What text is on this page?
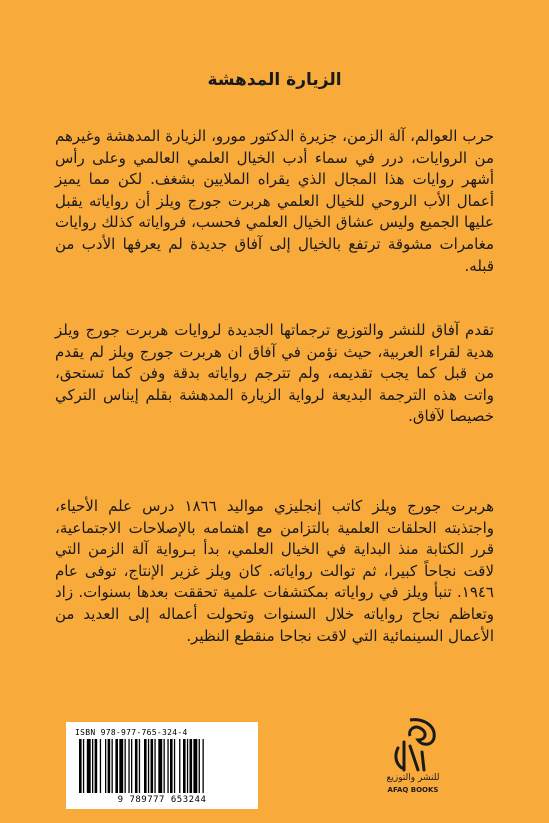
الزيارة المدهشة
حرب العوالم، آلة الزمن، جزيرة الدكتور مورو، الزيارة المدهشة وغيرهم من الروايات، درر في سماء أدب الخيال العلمي العالمي وعلى رأس أشهر روايات هذا المجال الذي يقراه الملايين بشغف. لكن مما يميز أعمال الأب الروحي للخيال العلمي هربرت جورج ويلز أن رواياته يقبل عليها الجميع وليس عشاق الخيال العلمي فحسب، فرواياته كذلك روايات مغامرات مشوقة ترتفع بالخيال إلى آفاق جديدة لم يعرفها الأدب من قبله.
تقدم آفاق للنشر والتوزيع ترجماتها الجديدة لروايات هربرت جورج ويلز هدية لقراء العربية، حيث نؤمن في آفاق ان هربرت جورج ويلز لم يقدم من قبل كما يجب تقديمه، ولم تترجم رواياته بدقة وفن كما تستحق، واتت هذه الترجمة البديعة لرواية الزيارة المدهشة بقلم إيناس التركي خصيصا لآفاق.
هربرت جورج ويلز كاتب إنجليزي مواليد ١٨٦٦ درس علم الأحياء، واجتذبته الحلقات العلمية بالتزامن مع اهتمامه بالإصلاحات الاجتماعية، قرر الكتابة منذ البداية في الخيال العلمي، بدأ بـرواية آلة الزمن التي لاقت نجاحاً كبيرا، ثم توالت رواياته. كان ويلز غزير الإنتاج، توفى عام ١٩٤٦. تنبأ ويلز في رواياته بمكتشفات علمية تحققت بعدها بسنوات. زاد وتعاظم نجاح رواياته خلال السنوات وتحولت أعماله إلى العديد من الأعمال السينمائية التي لاقت نجاحا منقطع النظير.
ISBN 978-977-765-324-4
9 789777 653244
للنشر والتوزيع
AFAQ BOOKS
